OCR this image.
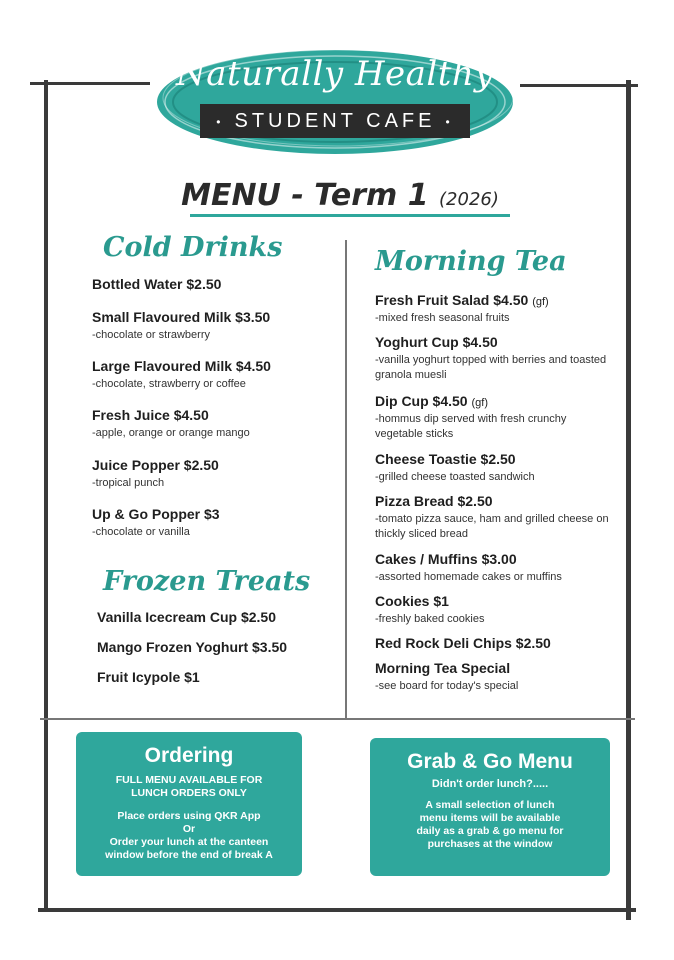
Naturally Healthy
• STUDENT CAFE •
MENU - Term 1 (2026)
Cold Drinks
Bottled Water $2.50
Small Flavoured Milk $3.50
-chocolate or strawberry
Large Flavoured Milk $4.50
-chocolate, strawberry or coffee
Fresh Juice $4.50
-apple, orange or orange mango
Juice Popper $2.50
-tropical punch
Up & Go Popper $3
-chocolate or vanilla
Frozen Treats
Vanilla Icecream Cup $2.50
Mango Frozen Yoghurt $3.50
Fruit Icypole $1
Morning Tea
Fresh Fruit Salad $4.50 (gf)
-mixed fresh seasonal fruits
Yoghurt Cup $4.50
-vanilla yoghurt topped with berries and toasted granola muesli
Dip Cup $4.50 (gf)
-hommus dip served with fresh crunchy vegetable sticks
Cheese Toastie $2.50
-grilled cheese toasted sandwich
Pizza Bread $2.50
-tomato pizza sauce, ham and grilled cheese on thickly sliced bread
Cakes / Muffins $3.00
-assorted homemade cakes or muffins
Cookies $1
-freshly baked cookies
Red Rock Deli Chips $2.50
Morning Tea Special
-see board for today's special
Ordering
FULL MENU AVAILABLE FOR
LUNCH ORDERS ONLY
Place orders using QKR App
Or
Order your lunch at the canteen
window before the end of break A
Grab & Go Menu
Didn't order lunch?.....
A small selection of lunch
menu items will be available
daily as a grab & go menu for
purchases at the window
